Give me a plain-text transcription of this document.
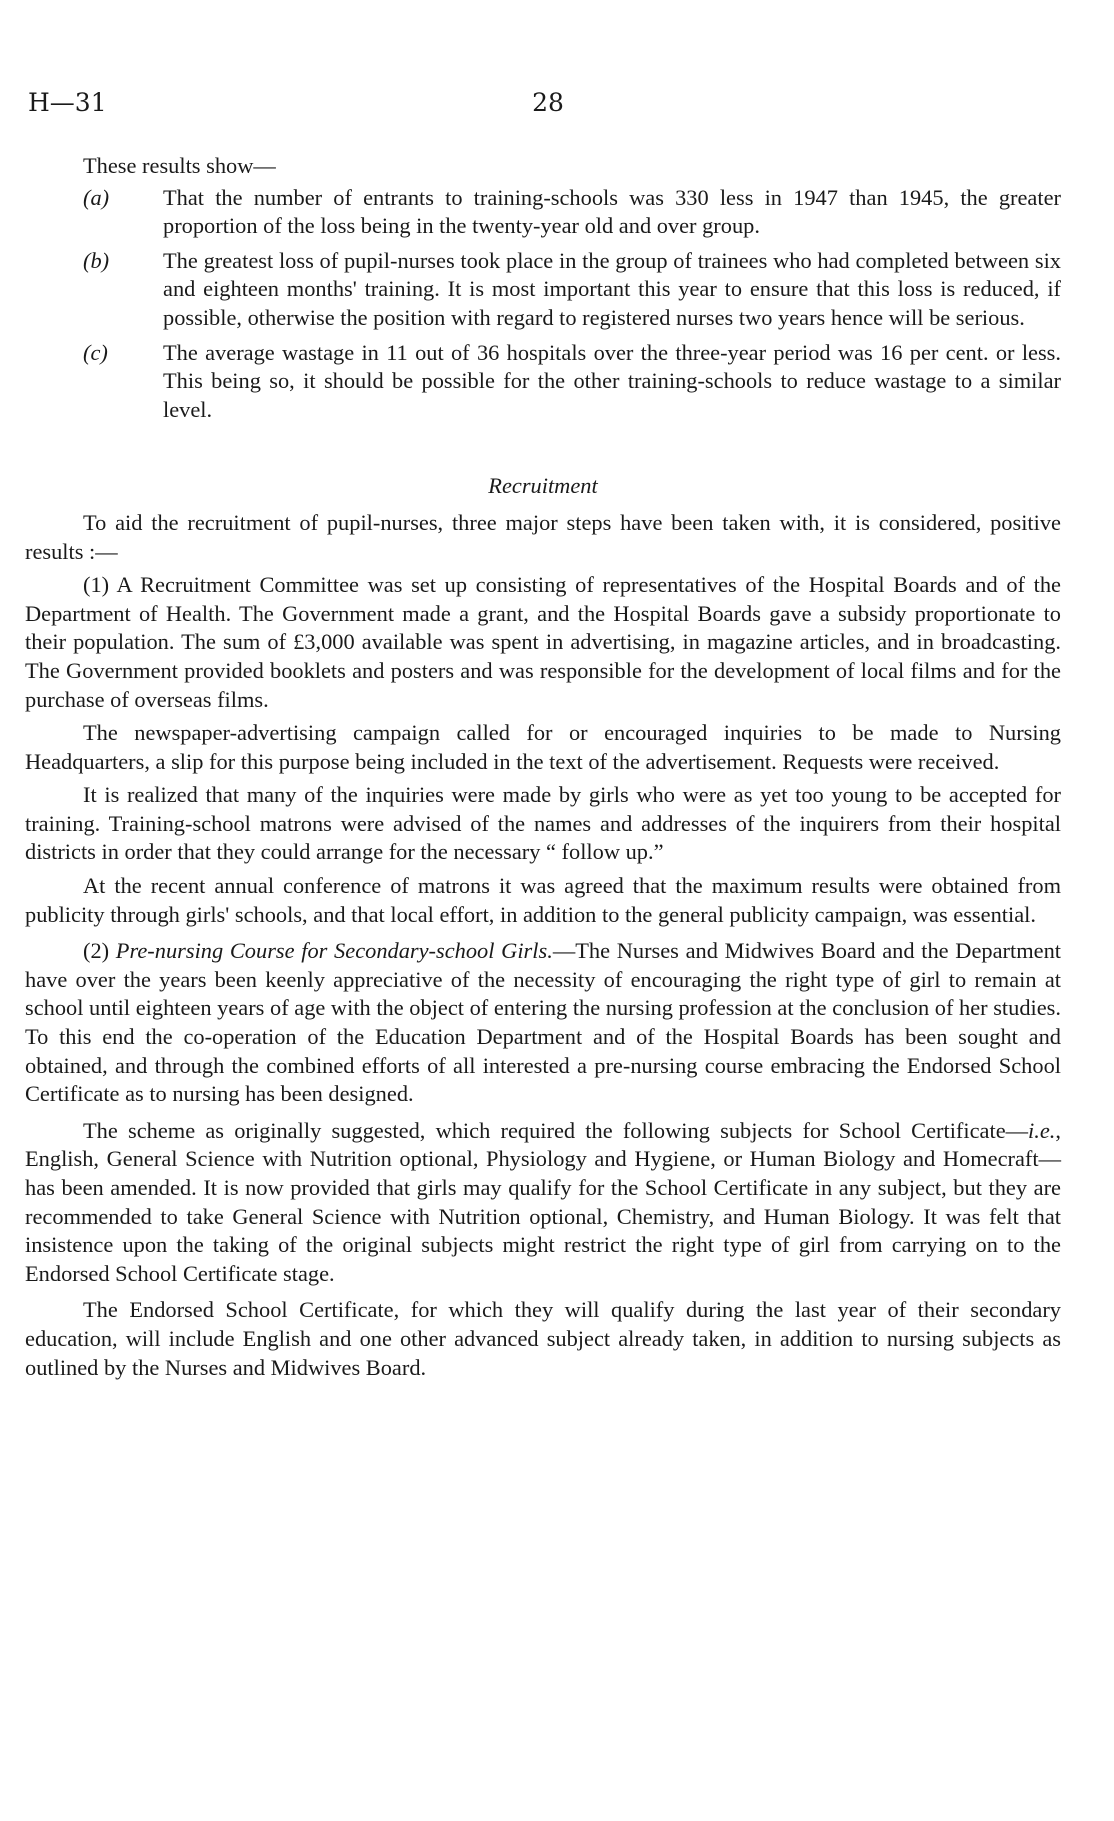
H—31	28

These results show—

(a) That the number of entrants to training-schools was 330 less in 1947 than 1945, the greater proportion of the loss being in the twenty-year old and over group.
(b) The greatest loss of pupil-nurses took place in the group of trainees who had completed between six and eighteen months' training. It is most important this year to ensure that this loss is reduced, if possible, otherwise the position with regard to registered nurses two years hence will be serious.
(c) The average wastage in 11 out of 36 hospitals over the three-year period was 16 per cent. or less. This being so, it should be possible for the other training-schools to reduce wastage to a similar level.

Recruitment

To aid the recruitment of pupil-nurses, three major steps have been taken with, it is considered, positive results :—

(1) A Recruitment Committee was set up consisting of representatives of the Hospital Boards and of the Department of Health. The Government made a grant, and the Hospital Boards gave a subsidy proportionate to their population. The sum of £3,000 available was spent in advertising, in magazine articles, and in broadcasting. The Government provided booklets and posters and was responsible for the development of local films and for the purchase of overseas films.

The newspaper-advertising campaign called for or encouraged inquiries to be made to Nursing Headquarters, a slip for this purpose being included in the text of the advertisement. Requests were received.

It is realized that many of the inquiries were made by girls who were as yet too young to be accepted for training. Training-school matrons were advised of the names and addresses of the inquirers from their hospital districts in order that they could arrange for the necessary “ follow up.”

At the recent annual conference of matrons it was agreed that the maximum results were obtained from publicity through girls' schools, and that local effort, in addition to the general publicity campaign, was essential.

(2) Pre-nursing Course for Secondary-school Girls.—The Nurses and Midwives Board and the Department have over the years been keenly appreciative of the necessity of encouraging the right type of girl to remain at school until eighteen years of age with the object of entering the nursing profession at the conclusion of her studies. To this end the co-operation of the Education Department and of the Hospital Boards has been sought and obtained, and through the combined efforts of all interested a pre-nursing course embracing the Endorsed School Certificate as to nursing has been designed.

The scheme as originally suggested, which required the following subjects for School Certificate—i.e., English, General Science with Nutrition optional, Physiology and Hygiene, or Human Biology and Homecraft—has been amended. It is now provided that girls may qualify for the School Certificate in any subject, but they are recommended to take General Science with Nutrition optional, Chemistry, and Human Biology. It was felt that insistence upon the taking of the original subjects might restrict the right type of girl from carrying on to the Endorsed School Certificate stage.

The Endorsed School Certificate, for which they will qualify during the last year of their secondary education, will include English and one other advanced subject already taken, in addition to nursing subjects as outlined by the Nurses and Midwives Board.
